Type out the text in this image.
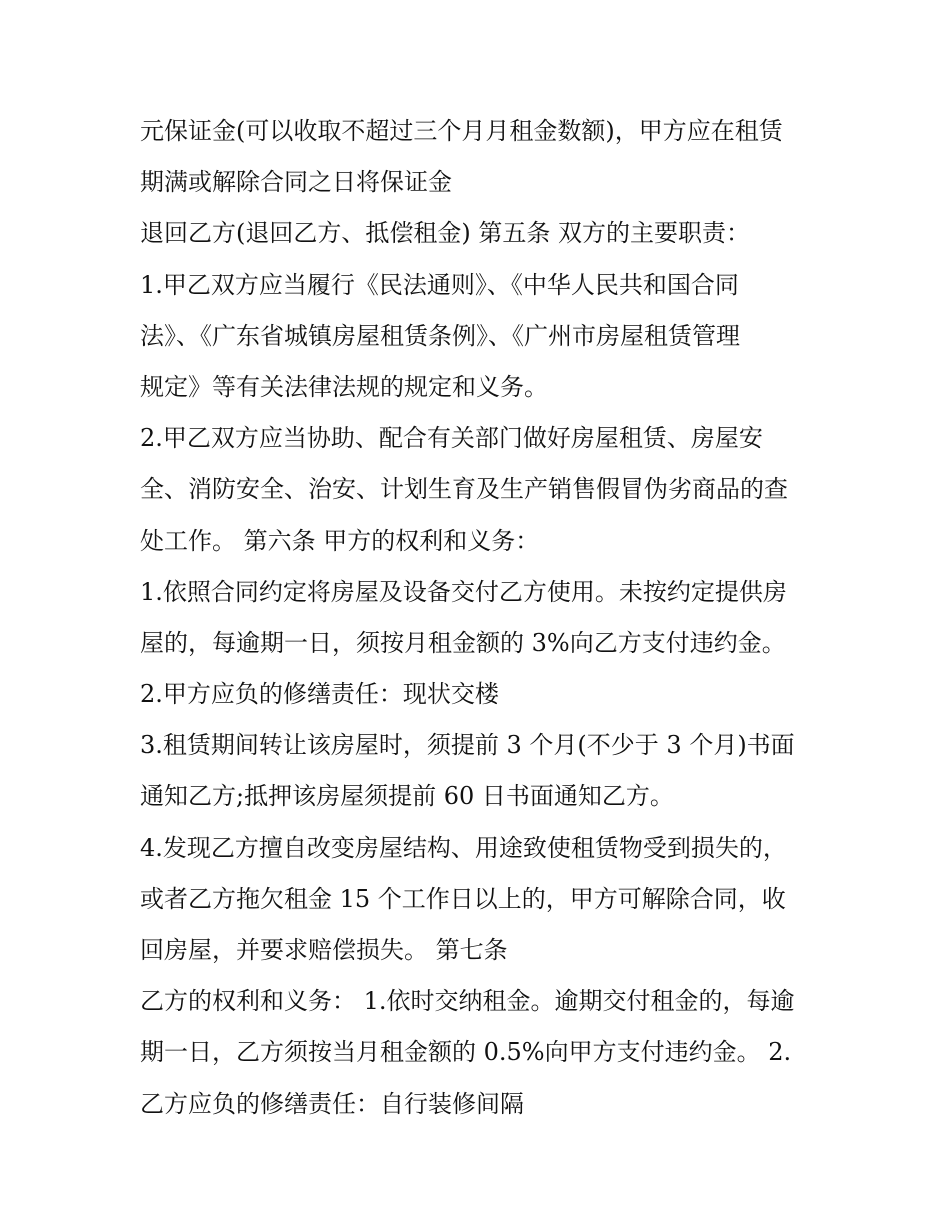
元保证金(可以收取不超过三个月月租金数额)，甲方应在租赁
期满或解除合同之日将保证金
退回乙方(退回乙方、抵偿租金) 第五条 双方的主要职责：
1.甲乙双方应当履行《民法通则》、《中华人民共和国合同
法》、《广东省城镇房屋租赁条例》、《广州市房屋租赁管理
规定》等有关法律法规的规定和义务。
2.甲乙双方应当协助、配合有关部门做好房屋租赁、房屋安
全、消防安全、治安、计划生育及生产销售假冒伪劣商品的查
处工作。 第六条 甲方的权利和义务：
1.依照合同约定将房屋及设备交付乙方使用。未按约定提供房
屋的，每逾期一日，须按月租金额的 3%向乙方支付违约金。
2.甲方应负的修缮责任：现状交楼
3.租赁期间转让该房屋时，须提前 3 个月(不少于 3 个月)书面
通知乙方;抵押该房屋须提前 60 日书面通知乙方。
4.发现乙方擅自改变房屋结构、用途致使租赁物受到损失的，
或者乙方拖欠租金 15 个工作日以上的，甲方可解除合同，收
回房屋，并要求赔偿损失。 第七条
乙方的权利和义务： 1.依时交纳租金。逾期交付租金的，每逾
期一日，乙方须按当月租金额的 0.5%向甲方支付违约金。 2.
乙方应负的修缮责任：自行装修间隔
